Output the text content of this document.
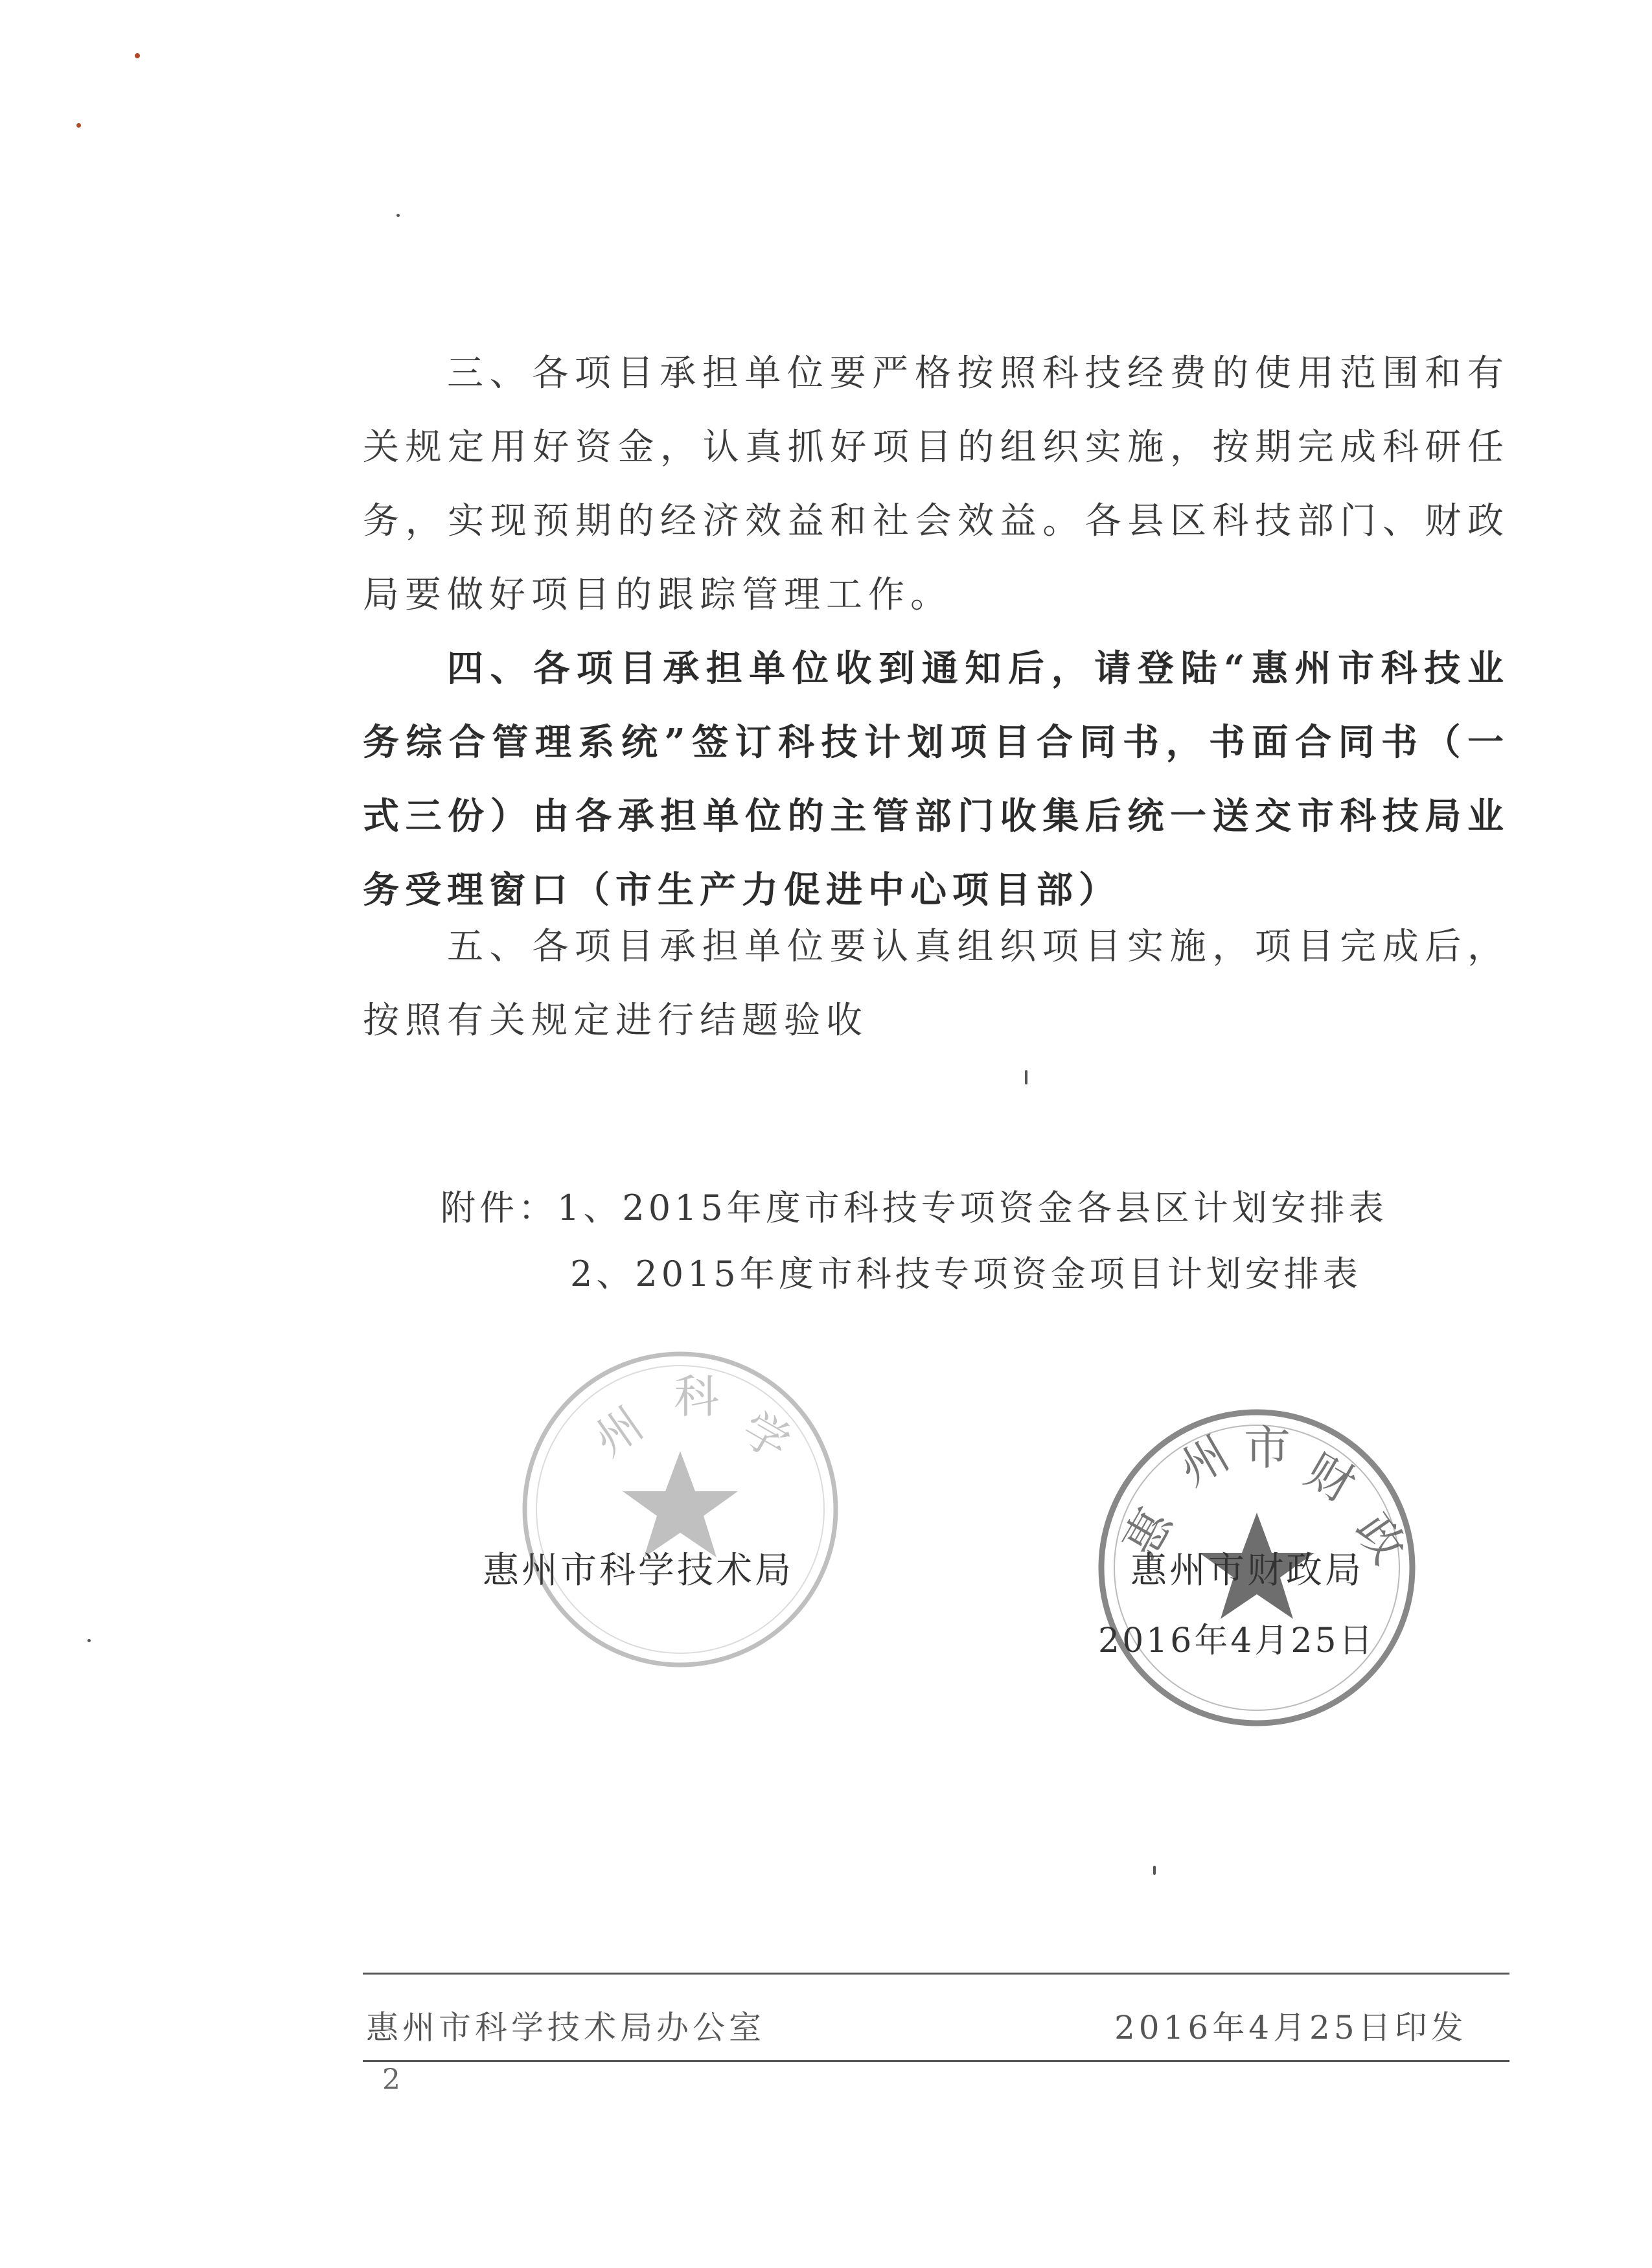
三、各项目承担单位要严格按照科技经费的使用范围和有关规定用好资金，认真抓好项目的组织实施，按期完成科研任务，实现预期的经济效益和社会效益。各县区科技部门、财政局要做好项目的跟踪管理工作。

四、各项目承担单位收到通知后，请登陆“惠州市科技业务综合管理系统”签订科技计划项目合同书，书面合同书（一式三份）由各承担单位的主管部门收集后统一送交市科技局业务受理窗口（市生产力促进中心项目部）

五、各项目承担单位要认真组织项目实施，项目完成后，按照有关规定进行结题验收

附件：1、2015年度市科技专项资金各县区计划安排表
2、2015年度市科技专项资金项目计划安排表
州
科
学
惠州市科学技术局
惠
州 市 财
政
惠州市财政局
2016年4月25日
惠州市科学技术局办公室	2016年4月25日印发
2
